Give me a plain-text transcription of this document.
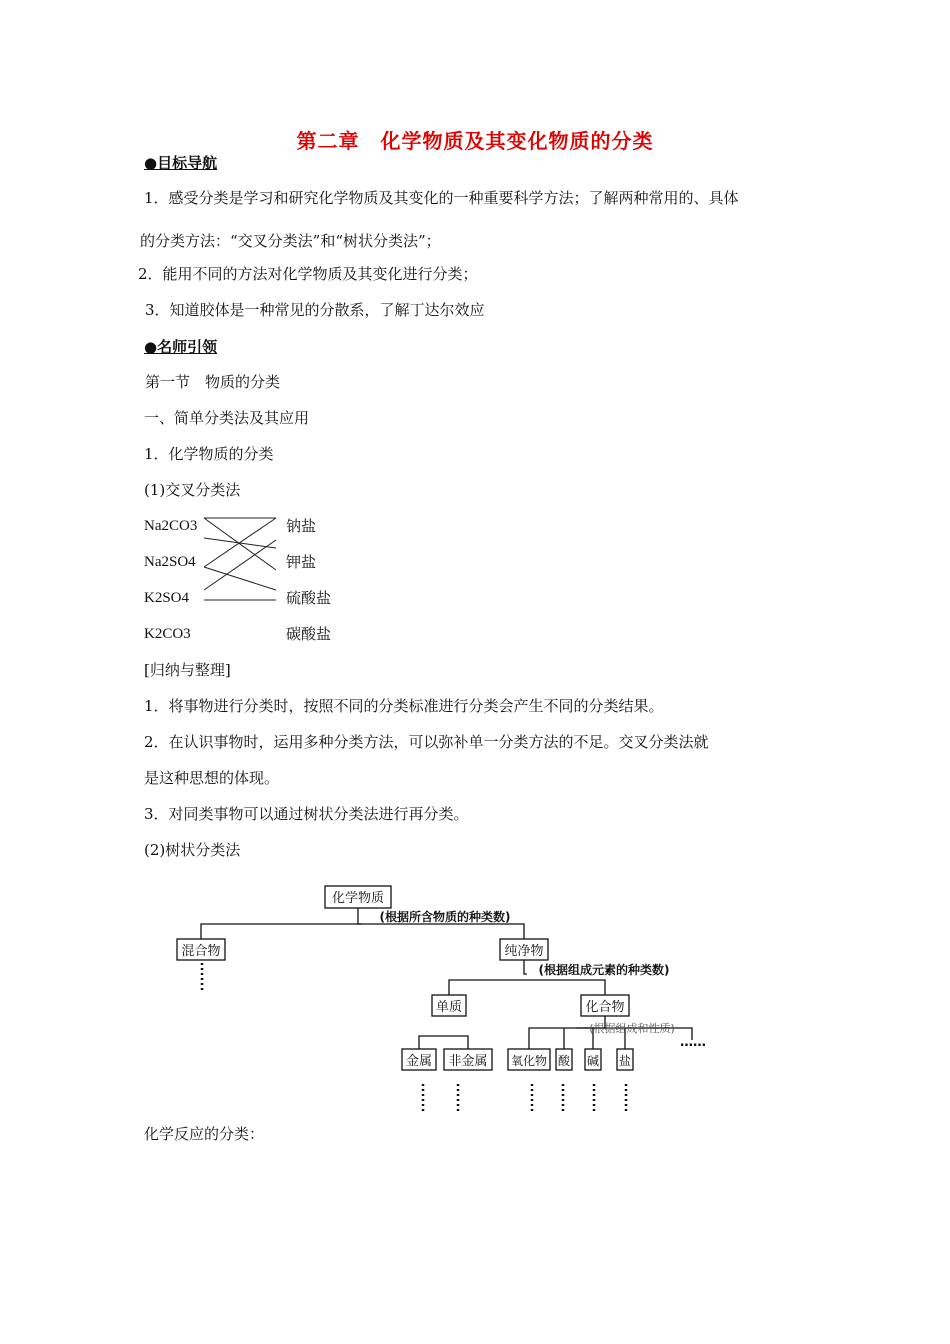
第二章　化学物质及其变化物质的分类
●目标导航
1．感受分类是学习和研究化学物质及其变化的一种重要科学方法；了解两种常用的、具体
的分类方法：“交叉分类法”和“树状分类法”；
2．能用不同的方法对化学物质及其变化进行分类；
3．知道胶体是一种常见的分散系，了解丁达尔效应
●名师引领
第一节　物质的分类
一、简单分类法及其应用
1．化学物质的分类
(1)交叉分类法
Na2CO3
Na2SO4
K2SO4
K2CO3
钠盐
钾盐
硫酸盐
碳酸盐
[归纳与整理]
1．将事物进行分类时，按照不同的分类标准进行分类会产生不同的分类结果。
2．在认识事物时，运用多种分类方法，可以弥补单一分类方法的不足。交叉分类法就
是这种思想的体现。
3．对同类事物可以通过树状分类法进行再分类。
(2)树状分类法
化学物质
(根据所含物质的种类数)
混合物	纯净物
(根据组成元素的种类数)
单质	化合物
(根据组成和性质)
金属 非金属 氧化物 酸 碱 盐
……
化学反应的分类：
